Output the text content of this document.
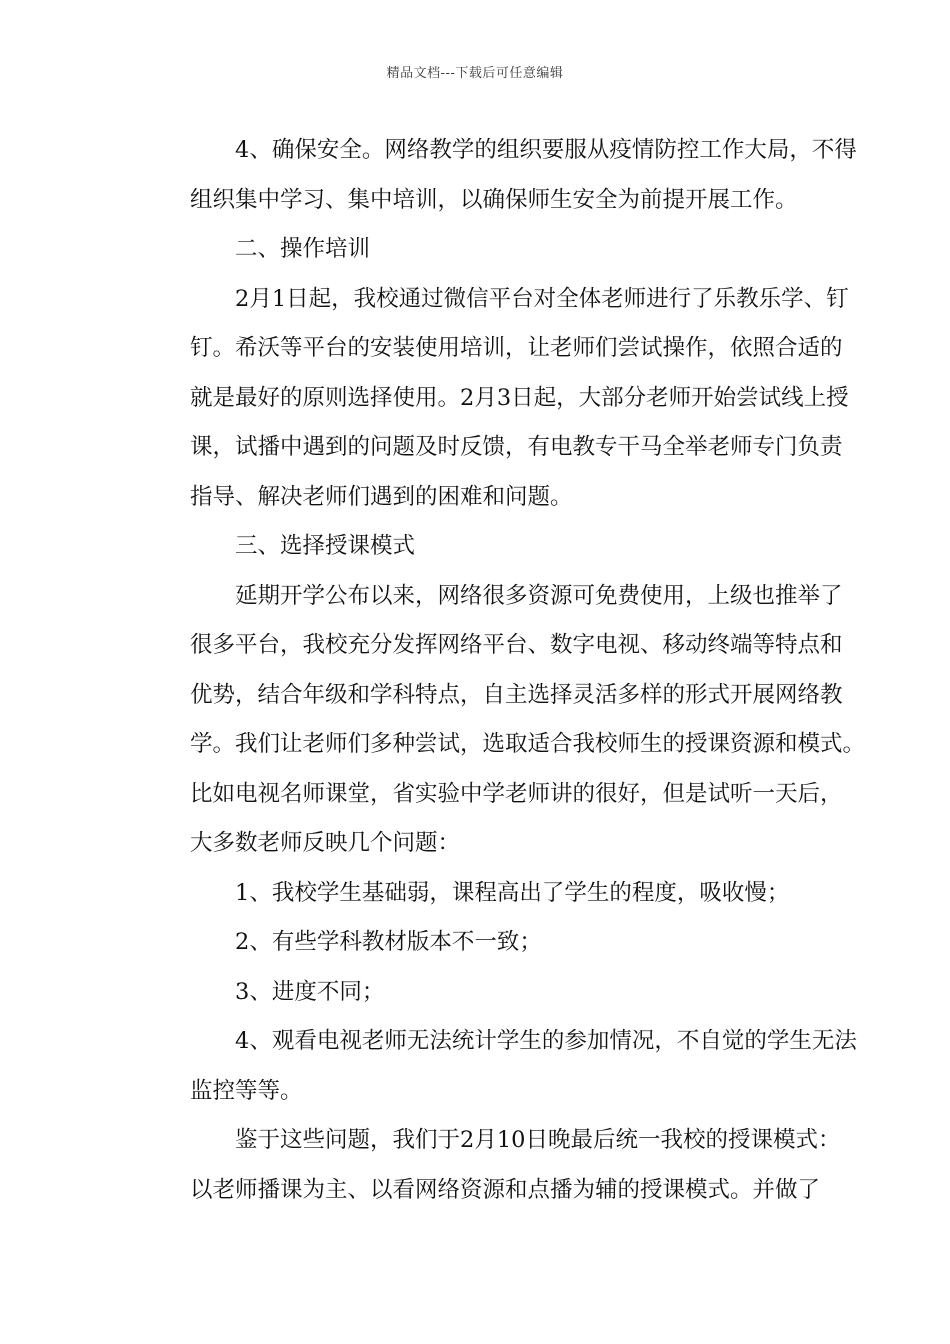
精品文档---下载后可任意编辑
4、确保安全。网络教学的组织要服从疫情防控工作大局，不得
组织集中学习、集中培训，以确保师生安全为前提开展工作。
二、操作培训
2月1日起，我校通过微信平台对全体老师进行了乐教乐学、钉
钉。希沃等平台的安装使用培训，让老师们尝试操作，依照合适的
就是最好的原则选择使用。2月3日起，大部分老师开始尝试线上授
课，试播中遇到的问题及时反馈，有电教专干马全举老师专门负责
指导、解决老师们遇到的困难和问题。
三、选择授课模式
延期开学公布以来，网络很多资源可免费使用，上级也推举了
很多平台，我校充分发挥网络平台、数字电视、移动终端等特点和
优势，结合年级和学科特点，自主选择灵活多样的形式开展网络教
学。我们让老师们多种尝试，选取适合我校师生的授课资源和模式。
比如电视名师课堂，省实验中学老师讲的很好，但是试听一天后，
大多数老师反映几个问题：
1、我校学生基础弱，课程高出了学生的程度，吸收慢；
2、有些学科教材版本不一致；
3、进度不同；
4、观看电视老师无法统计学生的参加情况，不自觉的学生无法
监控等等。
鉴于这些问题，我们于2月10日晚最后统一我校的授课模式：
以老师播课为主、以看网络资源和点播为辅的授课模式。并做了
